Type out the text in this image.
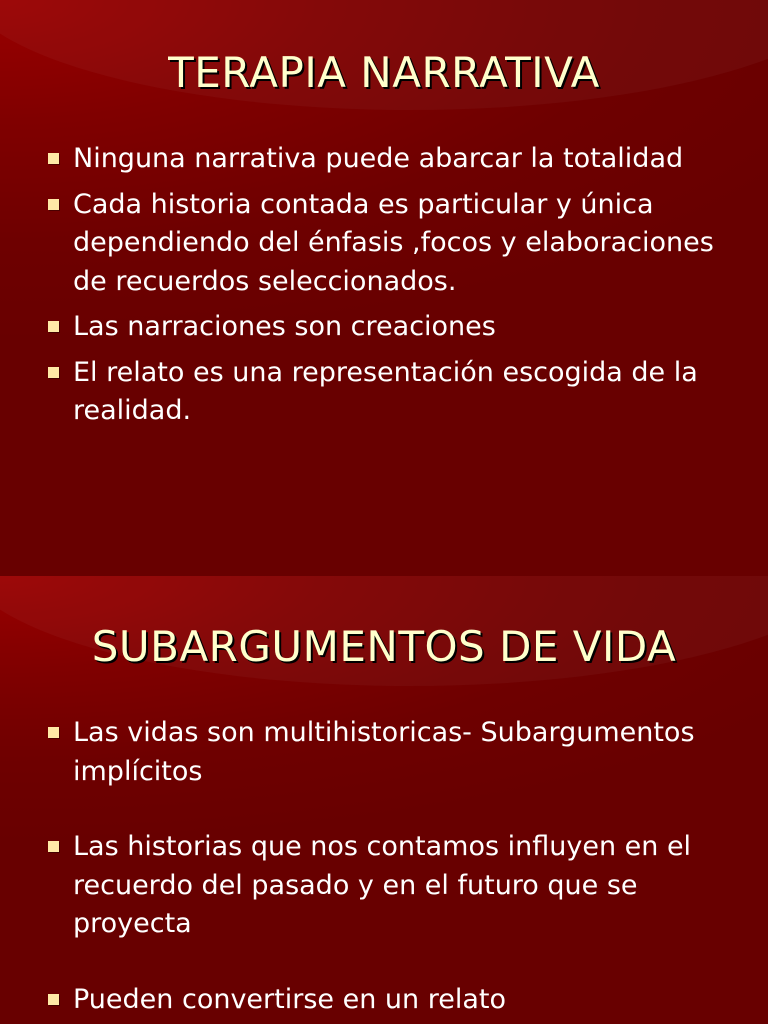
TERAPIA NARRATIVA
Ninguna narrativa puede abarcar la totalidad
Cada historia contada es particular y única dependiendo del énfasis ,focos y elaboraciones de recuerdos seleccionados.
Las narraciones son creaciones
El relato es una representación escogida de la realidad.
SUBARGUMENTOS DE VIDA
Las vidas son multihistoricas- Subargumentos implícitos
Las historias que nos contamos influyen en el recuerdo del pasado y en el futuro que se proyecta
Pueden convertirse en un relato
